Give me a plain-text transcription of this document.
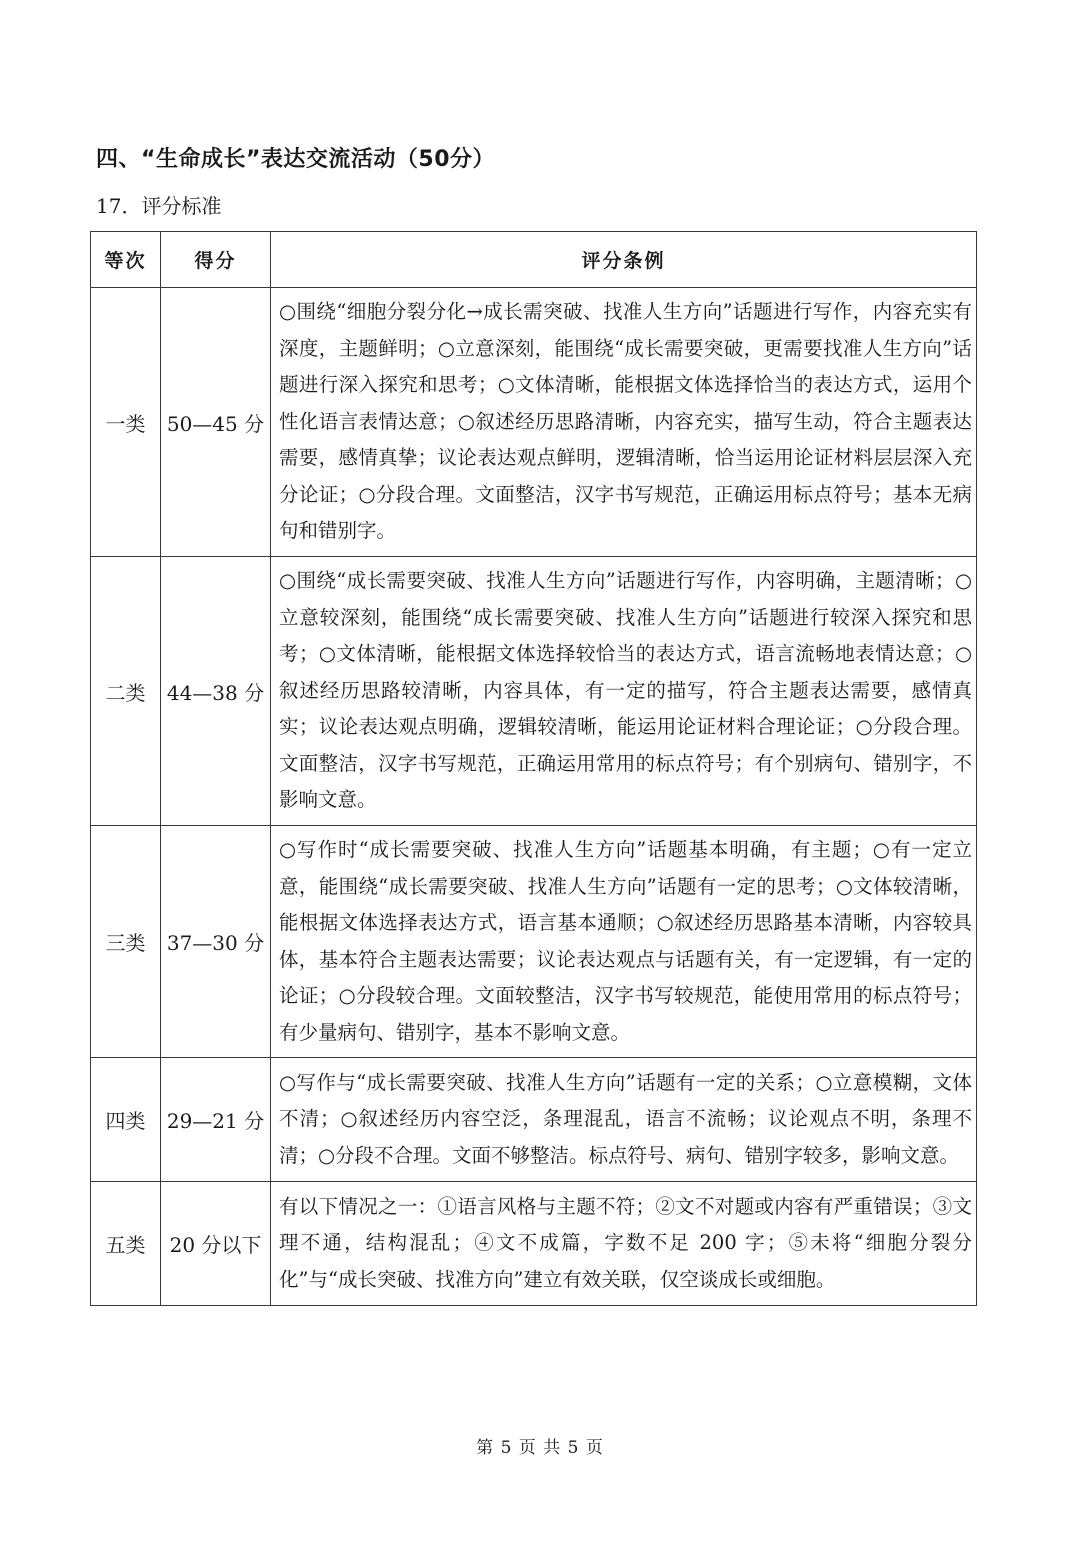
四、“生命成长”表达交流活动（50分）
17．评分标准
等次	得分	评分条例
一类	50—45 分	○围绕“细胞分裂分化→成长需突破、找准人生方向”话题进行写作，内容充实有深度，主题鲜明；○立意深刻，能围绕“成长需要突破，更需要找准人生方向”话题进行深入探究和思考；○文体清晰，能根据文体选择恰当的表达方式，运用个性化语言表情达意；○叙述经历思路清晰，内容充实，描写生动，符合主题表达需要，感情真挚；议论表达观点鲜明，逻辑清晰，恰当运用论证材料层层深入充分论证；○分段合理。文面整洁，汉字书写规范，正确运用标点符号；基本无病句和错别字。
二类	44—38 分	○围绕“成长需要突破、找准人生方向”话题进行写作，内容明确，主题清晰；○立意较深刻，能围绕“成长需要突破、找准人生方向”话题进行较深入探究和思考；○文体清晰，能根据文体选择较恰当的表达方式，语言流畅地表情达意；○叙述经历思路较清晰，内容具体，有一定的描写，符合主题表达需要，感情真实；议论表达观点明确，逻辑较清晰，能运用论证材料合理论证；○分段合理。文面整洁，汉字书写规范，正确运用常用的标点符号；有个别病句、错别字，不影响文意。
三类	37—30 分	○写作时“成长需要突破、找准人生方向”话题基本明确，有主题；○有一定立意，能围绕“成长需要突破、找准人生方向”话题有一定的思考；○文体较清晰，能根据文体选择表达方式，语言基本通顺；○叙述经历思路基本清晰，内容较具体，基本符合主题表达需要；议论表达观点与话题有关，有一定逻辑，有一定的论证；○分段较合理。文面较整洁，汉字书写较规范，能使用常用的标点符号；有少量病句、错别字，基本不影响文意。
四类	29—21 分	○写作与“成长需要突破、找准人生方向”话题有一定的关系；○立意模糊，文体不清；○叙述经历内容空泛，条理混乱，语言不流畅；议论观点不明，条理不清；○分段不合理。文面不够整洁。标点符号、病句、错别字较多，影响文意。
五类	20 分以下	有以下情况之一：①语言风格与主题不符；②文不对题或内容有严重错误；③文理不通，结构混乱；④文不成篇，字数不足 200 字；⑤未将“细胞分裂分化”与“成长突破、找准方向”建立有效关联，仅空谈成长或细胞。
第 5 页 共 5 页
